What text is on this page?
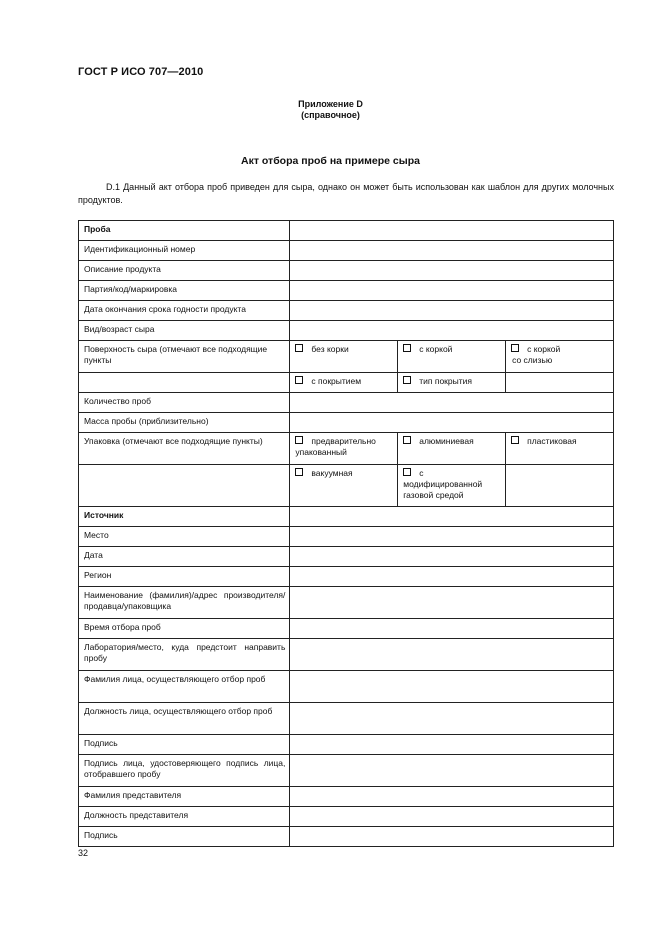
ГОСТ Р ИСО 707—2010
Приложение D
(справочное)
Акт отбора проб на примере сыра
D.1 Данный акт отбора проб приведен для сыра, однако он может быть использован как шаблон для других молочных продуктов.
Проба			
Идентификационный номер			
Описание продукта			
Партия/код/маркировка			
Дата окончания срока годности продукта			
Вид/возраст сыра			
Поверхность сыра (отмечают все подходящие пункты	без корки	с коркой	с коркой
со слизью

	с покрытием	тип покрытия	
Количество проб			
Масса пробы (приблизительно)			
Упаковка (отмечают все подходящие пункты)	предварительно упакованный	алюминиевая	пластиковая
	вакуумная	с модифицированной газовой средой	
Источник			
Место			
Дата			
Регион			
Наименование (фамилия)/адрес производителя/продавца/упаковщика			
Время отбора проб			
Лаборатория/место, куда предстоит направить пробу			
Фамилия лица, осуществляющего отбор проб			
Должность лица, осуществляющего отбор проб			
Подпись			
Подпись лица, удостоверяющего подпись лица, отобравшего пробу			
Фамилия представителя			
Должность представителя			
Подпись			
32
